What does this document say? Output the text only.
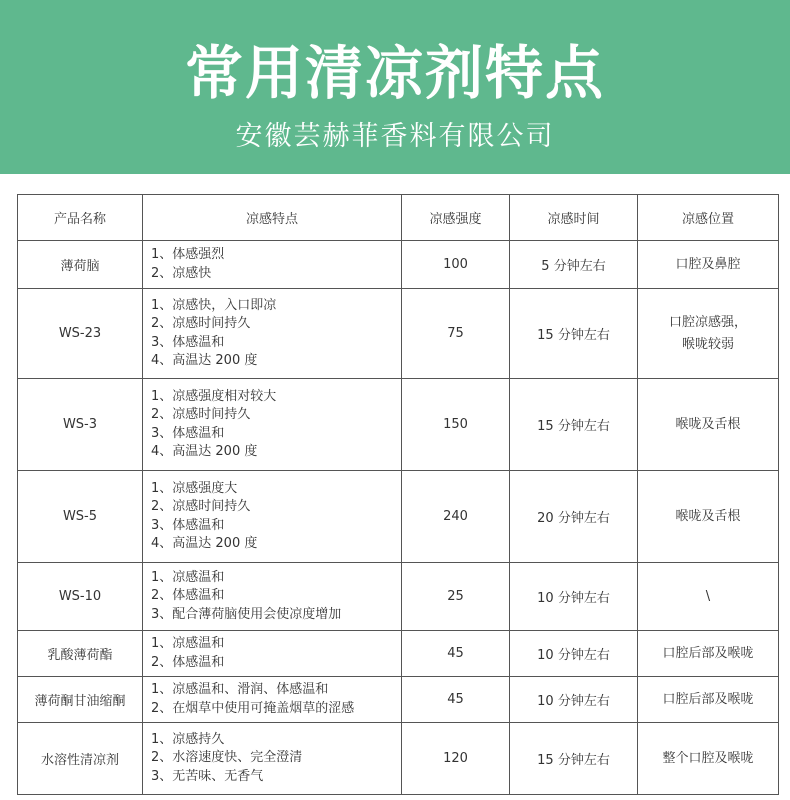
常用清凉剂特点
安徽芸赫菲香料有限公司
产品名称	凉感特点	凉感强度	凉感时间	凉感位置
薄荷脑	1、体感强烈
2、凉感快	100	5 分钟左右	口腔及鼻腔

WS-23	1、凉感快，入口即凉
2、凉感时间持久
3、体感温和
4、高温达 200 度	75	15 分钟左右	口腔凉感强，
喉咙较弱

WS-3	1、凉感强度相对较大
2、凉感时间持久
3、体感温和
4、高温达 200 度	150	15 分钟左右	喉咙及舌根

WS-5	1、凉感强度大
2、凉感时间持久
3、体感温和
4、高温达 200 度	240	20 分钟左右	喉咙及舌根

WS-10	1、凉感温和
2、体感温和
3、配合薄荷脑使用会使凉度增加	25	10 分钟左右	\

乳酸薄荷酯	1、凉感温和
2、体感温和	45	10 分钟左右	口腔后部及喉咙

薄荷酮甘油缩酮	1、凉感温和、滑润、体感温和
2、在烟草中使用可掩盖烟草的涩感	45	10 分钟左右	口腔后部及喉咙

水溶性清凉剂	1、凉感持久
2、水溶速度快、完全澄清
3、无苦味、无香气	120	15 分钟左右	整个口腔及喉咙
